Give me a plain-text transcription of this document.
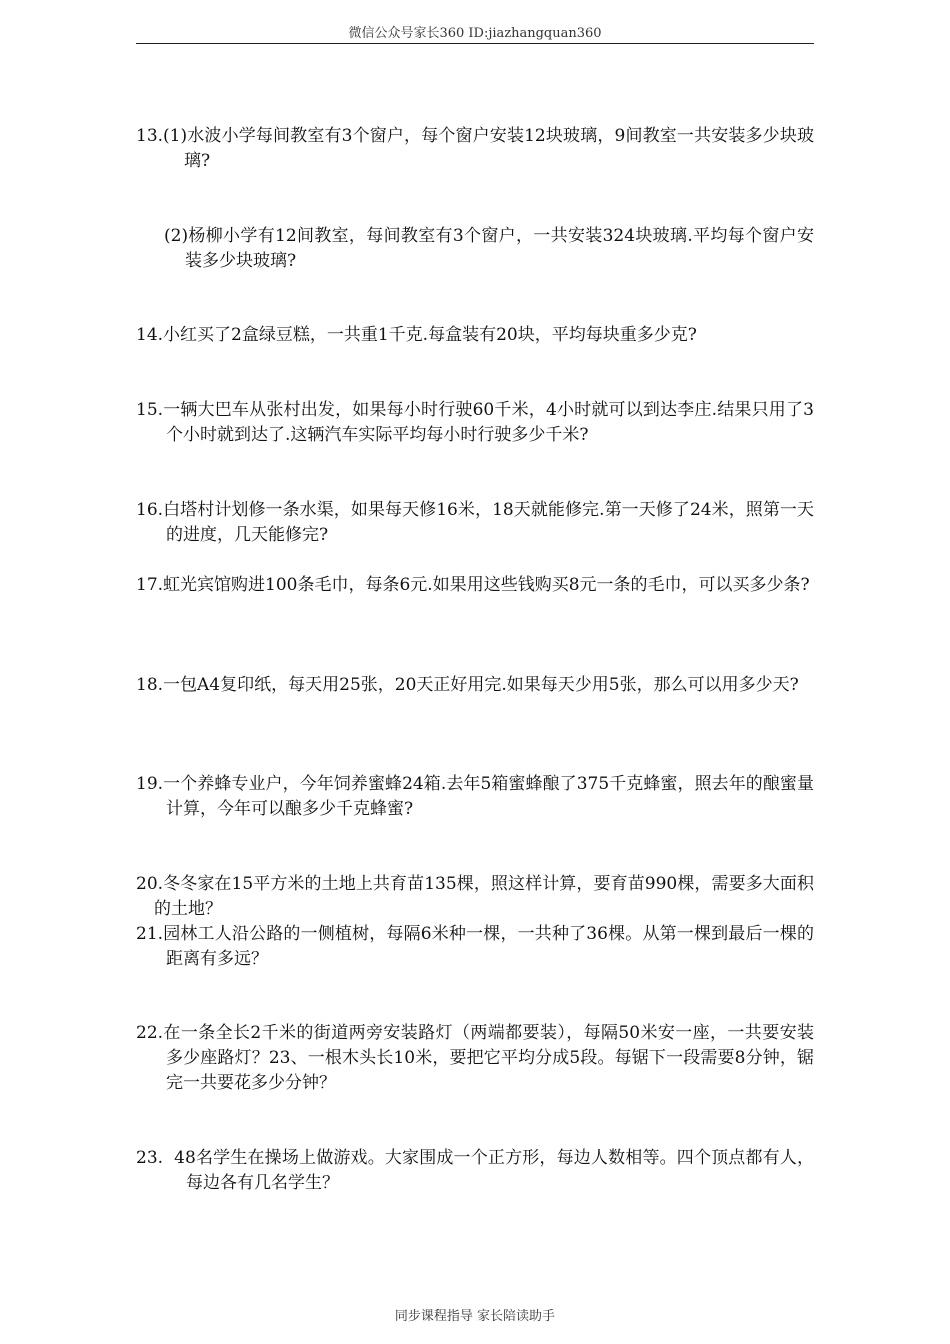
微信公众号家长360 ID:jiazhangquan360
13.(1)水波小学每间教室有3个窗户，每个窗户安装12块玻璃，9间教室一共安装多少块玻璃?
(2)杨柳小学有12间教室，每间教室有3个窗户，一共安装324块玻璃.平均每个窗户安装多少块玻璃?
14.小红买了2盒绿豆糕，一共重1千克.每盒装有20块，平均每块重多少克?
15.一辆大巴车从张村出发，如果每小时行驶60千米，4小时就可以到达李庄.结果只用了3个小时就到达了.这辆汽车实际平均每小时行驶多少千米?
16.白塔村计划修一条水渠，如果每天修16米，18天就能修完.第一天修了24米，照第一天的进度，几天能修完?
17.虹光宾馆购进100条毛巾，每条6元.如果用这些钱购买8元一条的毛巾，可以买多少条?
18.一包A4复印纸，每天用25张，20天正好用完.如果每天少用5张，那么可以用多少天?
19.一个养蜂专业户，今年饲养蜜蜂24箱.去年5箱蜜蜂酿了375千克蜂蜜，照去年的酿蜜量计算，今年可以酿多少千克蜂蜜?
20.冬冬家在15平方米的土地上共育苗135棵，照这样计算，要育苗990棵，需要多大面积的土地？
21.园林工人沿公路的一侧植树，每隔6米种一棵，一共种了36棵。从第一棵到最后一棵的距离有多远？
22.在一条全长2千米的街道两旁安装路灯（两端都要装），每隔50米安一座，一共要安装多少座路灯？23、一根木头长10米，要把它平均分成5段。每锯下一段需要8分钟，锯完一共要花多少分钟？
23.  48名学生在操场上做游戏。大家围成一个正方形，每边人数相等。四个顶点都有人，每边各有几名学生？
同步课程指导 家长陪读助手
